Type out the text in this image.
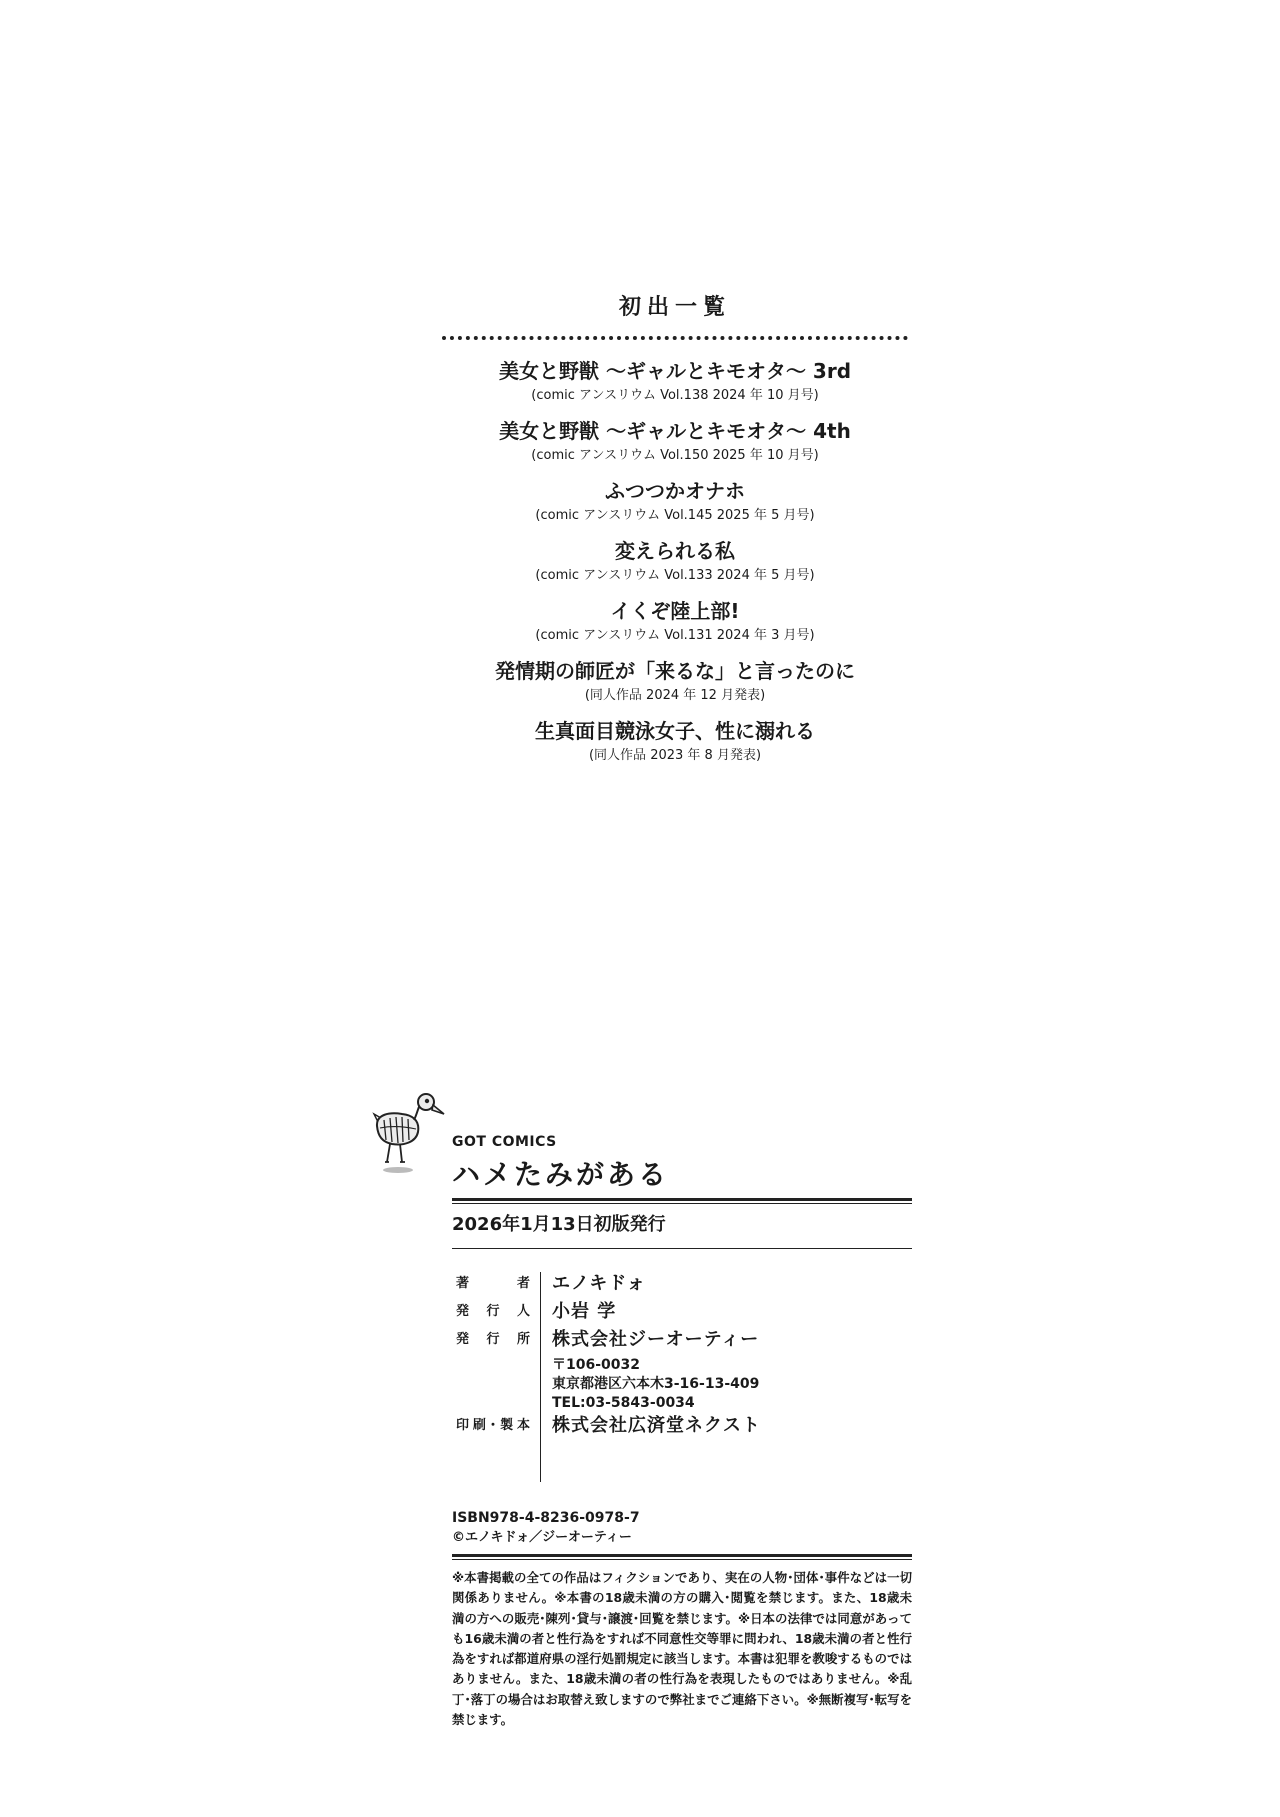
初出一覧
美女と野獣 ～ギャルとキモオタ～ 3rd
(comic アンスリウム Vol.138 2024 年 10 月号)
美女と野獣 ～ギャルとキモオタ～ 4th
(comic アンスリウム Vol.150 2025 年 10 月号)
ふつつかオナホ
(comic アンスリウム Vol.145 2025 年 5 月号)
変えられる私
(comic アンスリウム Vol.133 2024 年 5 月号)
イくぞ陸上部!
(comic アンスリウム Vol.131 2024 年 3 月号)
発情期の師匠が「来るな」と言ったのに
(同人作品 2024 年 12 月発表)
生真面目競泳女子、性に溺れる
(同人作品 2023 年 8 月発表)
GOT COMICS
ハメたみがある
2026年1月13日初版発行
著者 エノキドォ
発行人 小岩 学
発行所 株式会社ジーオーティー
〒106-0032
東京都港区六本木3-16-13-409
TEL:03-5843-0034
印刷･製本 株式会社広済堂ネクスト
ISBN978-4-8236-0978-7
©エノキドォ／ジーオーティー
※本書掲載の全ての作品はフィクションであり、実在の人物･団体･事件などは一切関係ありません。※本書の18歳未満の方の購入･閲覧を禁じます。また、18歳未満の方への販売･陳列･貸与･譲渡･回覧を禁じます。※日本の法律では同意があっても16歳未満の者と性行為をすれば不同意性交等罪に問われ、18歳未満の者と性行為をすれば都道府県の淫行処罰規定に該当します。本書は犯罪を教唆するものではありません。また、18歳未満の者の性行為を表現したものではありません。※乱丁･落丁の場合はお取替え致しますので弊社までご連絡下さい。※無断複写･転写を禁じます。
